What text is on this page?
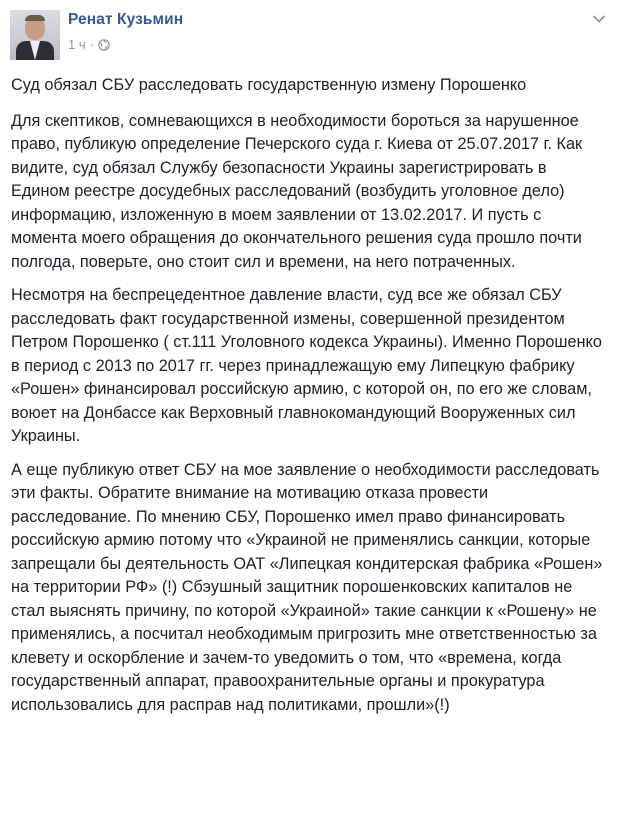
Ренат Кузьмин
1 ч ·

Суд обязал СБУ расследовать государственную измену Порошенко

Для скептиков, сомневающихся в необходимости бороться за нарушенное право, публикую определение Печерского суда г. Киева от 25.07.2017 г. Как видите, суд обязал Службу безопасности Украины зарегистрировать в Едином реестре досудебных расследований (возбудить уголовное дело) информацию, изложенную в моем заявлении от 13.02.2017. И пусть с момента моего обращения до окончательного решения суда прошло почти полгода, поверьте, оно стоит сил и времени, на него потраченных.

Несмотря на беспрецедентное давление власти, суд все же обязал СБУ расследовать факт государственной измены, совершенной президентом Петром Порошенко ( ст.111 Уголовного кодекса Украины). Именно Порошенко в период с 2013 по 2017 гг. через принадлежащую ему Липецкую фабрику «Рошен» финансировал российскую армию, с которой он, по его же словам, воюет на Донбассе как Верховный главнокомандующий Вооруженных сил Украины.

А еще публикую ответ СБУ на мое заявление о необходимости расследовать эти факты. Обратите внимание на мотивацию отказа провести расследование. По мнению СБУ, Порошенко имел право финансировать российскую армию потому что «Украиной не применялись санкции, которые запрещали бы деятельность ОАТ «Липецкая кондитерская фабрика «Рошен» на территории РФ» (!) Сбэушный защитник порошенковских капиталов не стал выяснять причину, по которой «Украиной» такие санкции к «Рошену» не применялись, а посчитал необходимым пригрозить мне ответственностью за клевету и оскорбление и зачем-то уведомить о том, что «времена, когда государственный аппарат, правоохранительные органы и прокуратура использовались для расправ над политиками, прошли»(!)
